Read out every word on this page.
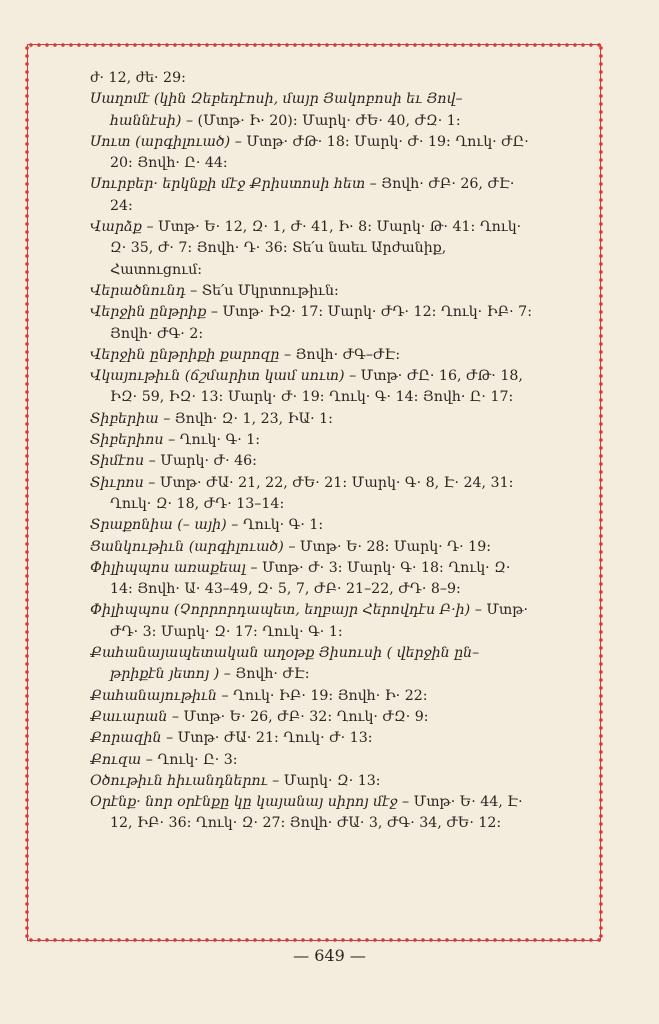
ժ· 12, ժե· 29:

Սաղոմէ (կին Զեբեդէոսի, մայր Յակոբոսի եւ Յով–հաննէսի) – (Մտթ· Ի· 20): Մարկ· ԺԵ· 40, ԺԶ· 1:

Սուտ (արգիլուած) – Մտթ· ԺԹ· 18: Մարկ· Ժ· 19: Ղուկ· ԺԸ· 20: Յովհ· Ը· 44:

Սուրբեր· երկնքի մէջ Քրիստոսի հետ – Յովհ· ԺԲ· 26, ԺԷ· 24:

Վարձք – Մտթ· Ե· 12, Զ· 1, Ժ· 41, Ի· 8: Մարկ· Թ· 41: Ղուկ· Զ· 35, Ժ· 7: Յովհ· Դ· 36: Տե՛ս նաեւ Արժանիք, Հատուցում:

Վերածնունդ – Տե՛ս Մկրտութիւն:

Վերջին ընթրիք – Մտթ· ԻԶ· 17: Մարկ· ԺԴ· 12: Ղուկ· ԻԲ· 7: Յովհ· ԺԳ· 2:

Վերջին ընթրիքի քարոզը – Յովհ· ԺԳ–ԺԷ:

Վկայութիւն (ճշմարիտ կամ սուտ) – Մտթ· ԺԸ· 16, ԺԹ· 18, ԻԶ· 59, ԻԶ· 13: Մարկ· Ժ· 19: Ղուկ· Գ· 14: Յովհ· Ը· 17:

Տիբերիա – Յովհ· Զ· 1, 23, ԻԱ· 1:

Տիբերիոս – Ղուկ· Գ· 1:

Տիմէոս – Մարկ· Ժ· 46:

Տիւրոս – Մտթ· ԺԱ· 21, 22, ԺԵ· 21: Մարկ· Գ· 8, Է· 24, 31: Ղուկ· Զ· 18, ԺԴ· 13–14:

Տրաքոնիա (– այի) – Ղուկ· Գ· 1:

Ցանկութիւն (արգիլուած) – Մտթ· Ե· 28: Մարկ· Դ· 19:

Փիլիպպոս առաքեալ – Մտթ· Ժ· 3: Մարկ· Գ· 18: Ղուկ· Զ· 14: Յովհ· Ա· 43–49, Զ· 5, 7, ԺԲ· 21–22, ԺԴ· 8–9:

Փիլիպպոս (Չորրորդապետ, եղբայր Հերովդէս Բ·ի) – Մտթ· ԺԴ· 3: Մարկ· Զ· 17: Ղուկ· Գ· 1:

Քահանայապետական աղօթք Յիսուսի ( վերջին ըն–թրիքէն յետոյ ) – Յովհ· ԺԷ:

Քահանայութիւն – Ղուկ· ԻԲ· 19: Յովհ· Ի· 22:

Քաւարան – Մտթ· Ե· 26, ԺԲ· 32: Ղուկ· ԺԶ· 9:

Քորազին – Մտթ· ԺԱ· 21: Ղուկ· Ժ· 13:

Քուզա – Ղուկ· Ը· 3:

Օծութիւն հիւանդներու – Մարկ· Զ· 13:

Օրէնք· նոր օրէնքը կը կայանայ սիրոյ մէջ – Մտթ· Ե· 44, Է· 12, ԻԲ· 36: Ղուկ· Զ· 27: Յովհ· ԺԱ· 3, ԺԳ· 34, ԺԵ· 12:

— 649 —
